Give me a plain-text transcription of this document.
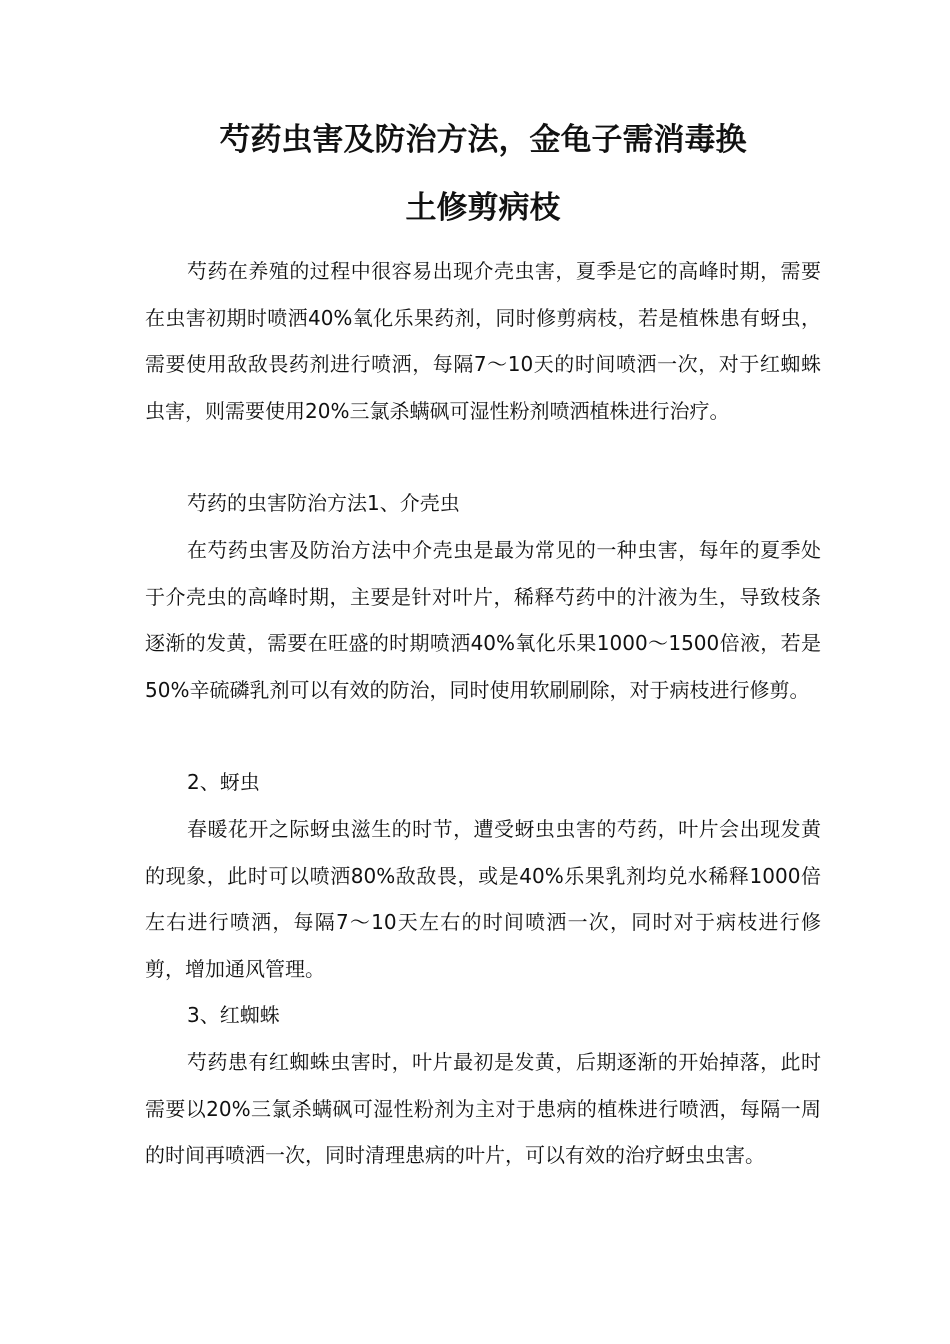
芍药虫害及防治方法，金龟子需消毒换
土修剪病枝

芍药在养殖的过程中很容易出现介壳虫害，夏季是它的高峰时期，需要在虫害初期时喷洒40%氧化乐果药剂，同时修剪病枝，若是植株患有蚜虫，需要使用敌敌畏药剂进行喷洒，每隔7～10天的时间喷洒一次，对于红蜘蛛虫害，则需要使用20%三氯杀螨砜可湿性粉剂喷洒植株进行治疗。

芍药的虫害防治方法1、介壳虫

在芍药虫害及防治方法中介壳虫是最为常见的一种虫害，每年的夏季处于介壳虫的高峰时期，主要是针对叶片，稀释芍药中的汁液为生，导致枝条逐渐的发黄，需要在旺盛的时期喷洒40%氧化乐果1000～1500倍液，若是50%辛硫磷乳剂可以有效的防治，同时使用软刷刷除，对于病枝进行修剪。

2、蚜虫

春暖花开之际蚜虫滋生的时节，遭受蚜虫虫害的芍药，叶片会出现发黄的现象，此时可以喷洒80%敌敌畏，或是40%乐果乳剂均兑水稀释1000倍左右进行喷洒，每隔7～10天左右的时间喷洒一次，同时对于病枝进行修剪，增加通风管理。

3、红蜘蛛

芍药患有红蜘蛛虫害时，叶片最初是发黄，后期逐渐的开始掉落，此时需要以20%三氯杀螨砜可湿性粉剂为主对于患病的植株进行喷洒，每隔一周的时间再喷洒一次，同时清理患病的叶片，可以有效的治疗蚜虫虫害。
